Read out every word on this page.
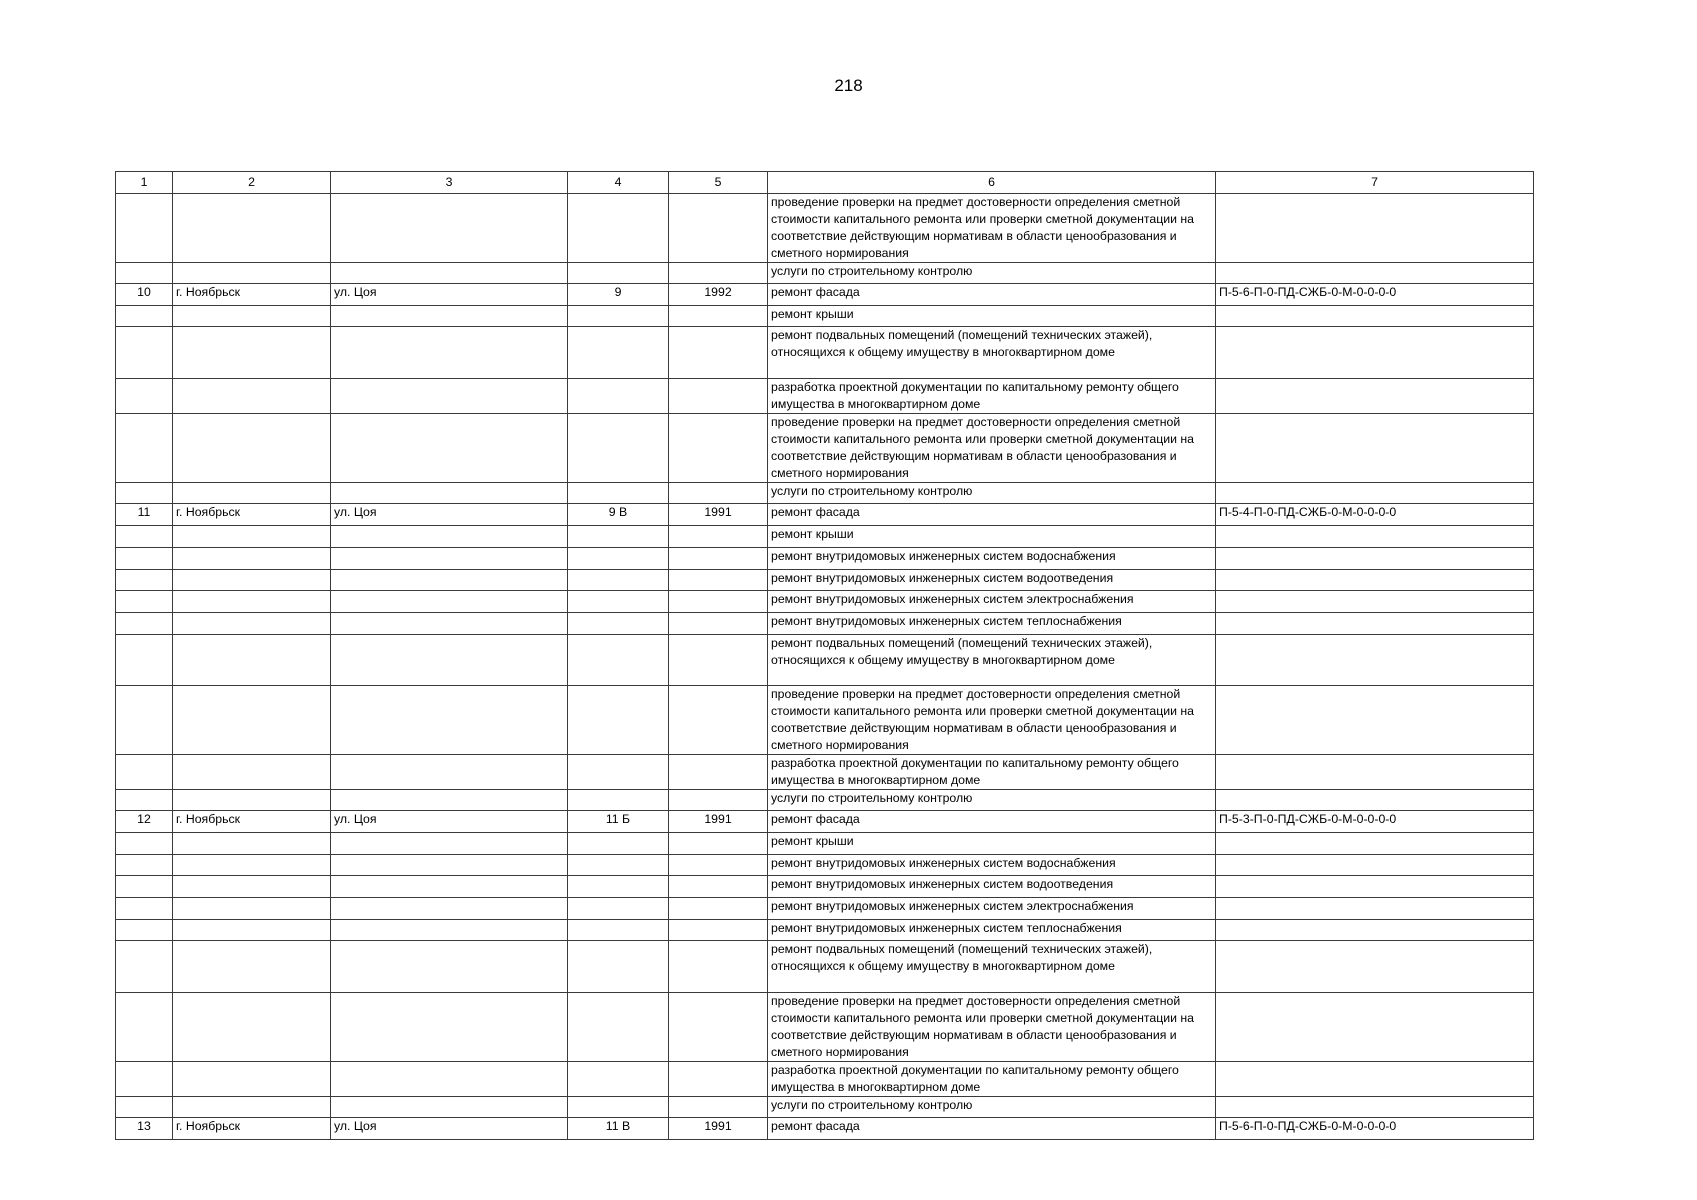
218
1	2	3	4	5	6	7
					проведение проверки на предмет достоверности определения сметной стоимости капитального ремонта или проверки сметной документации на соответствие действующим нормативам в области ценообразования и сметного нормирования	
					услуги по строительному контролю	
10	г. Ноябрьск	ул. Цоя	9	1992	ремонт фасада	П-5-6-П-0-ПД-СЖБ-0-М-0-0-0-0
					ремонт крыши	
					ремонт подвальных помещений (помещений технических этажей), относящихся к общему имуществу в многоквартирном доме	
					разработка проектной документации по капитальному ремонту общего имущества в многоквартирном доме	
					проведение проверки на предмет достоверности определения сметной стоимости капитального ремонта или проверки сметной документации на соответствие действующим нормативам в области ценообразования и сметного нормирования	
					услуги по строительному контролю	
11	г. Ноябрьск	ул. Цоя	9 В	1991	ремонт фасада	П-5-4-П-0-ПД-СЖБ-0-М-0-0-0-0
					ремонт крыши	
					ремонт внутридомовых инженерных систем водоснабжения	
					ремонт внутридомовых инженерных систем водоотведения	
					ремонт внутридомовых инженерных систем электроснабжения	
					ремонт внутридомовых инженерных систем теплоснабжения	
					ремонт подвальных помещений (помещений технических этажей), относящихся к общему имуществу в многоквартирном доме	
					проведение проверки на предмет достоверности определения сметной стоимости капитального ремонта или проверки сметной документации на соответствие действующим нормативам в области ценообразования и сметного нормирования	
					разработка проектной документации по капитальному ремонту общего имущества в многоквартирном доме	
					услуги по строительному контролю	
12	г. Ноябрьск	ул. Цоя	11 Б	1991	ремонт фасада	П-5-3-П-0-ПД-СЖБ-0-М-0-0-0-0
					ремонт крыши	
					ремонт внутридомовых инженерных систем водоснабжения	
					ремонт внутридомовых инженерных систем водоотведения	
					ремонт внутридомовых инженерных систем электроснабжения	
					ремонт внутридомовых инженерных систем теплоснабжения	
					ремонт подвальных помещений (помещений технических этажей), относящихся к общему имуществу в многоквартирном доме	
					проведение проверки на предмет достоверности определения сметной стоимости капитального ремонта или проверки сметной документации на соответствие действующим нормативам в области ценообразования и сметного нормирования	
					разработка проектной документации по капитальному ремонту общего имущества в многоквартирном доме	
					услуги по строительному контролю	
13	г. Ноябрьск	ул. Цоя	11 В	1991	ремонт фасада	П-5-6-П-0-ПД-СЖБ-0-М-0-0-0-0
